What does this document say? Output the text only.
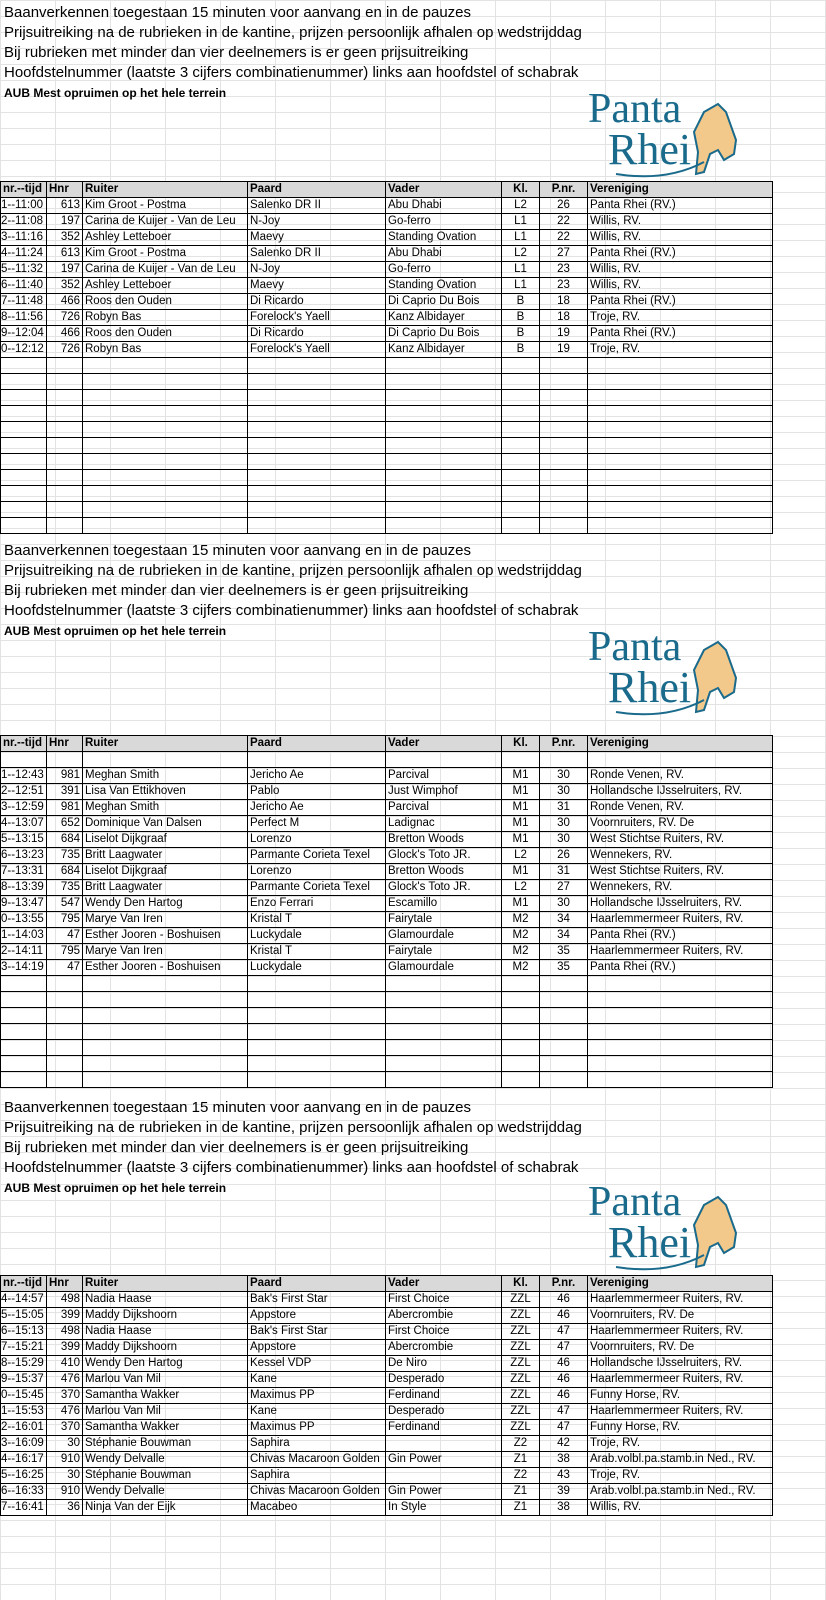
Baanverkennen toegestaan 15 minuten voor aanvang en in de pauzes
Prijsuitreiking na de rubrieken in de kantine, prijzen persoonlijk afhalen op wedstrijddag
Bij rubrieken met minder dan vier deelnemers is er geen prijsuitreiking
Hoofdstelnummer (laatste 3 cijfers combinatienummer) links aan hoofdstel of schabrak
AUB Mest opruimen op het hele terrein	Panta
Rhei
nr.--tijd	Hnr	Ruiter	Paard	Vader	Kl.	P.nr.	Vereniging
1--11:00	613	Kim Groot - Postma	Salenko DR II	Abu Dhabi	L2	26	Panta Rhei (RV.)
2--11:08	197	Carina de Kuijer - Van de Leu	N-Joy	Go-ferro	L1	22	Willis, RV.
3--11:16	352	Ashley Letteboer	Maevy	Standing Ovation	L1	22	Willis, RV.
4--11:24	613	Kim Groot - Postma	Salenko DR II	Abu Dhabi	L2	27	Panta Rhei (RV.)
5--11:32	197	Carina de Kuijer - Van de Leu	N-Joy	Go-ferro	L1	23	Willis, RV.
6--11:40	352	Ashley Letteboer	Maevy	Standing Ovation	L1	23	Willis, RV.
7--11:48	466	Roos den Ouden	Di Ricardo	Di Caprio Du Bois	B	18	Panta Rhei (RV.)
8--11:56	726	Robyn Bas	Forelock's Yaell	Kanz Albidayer	B	18	Troje, RV.
9--12:04	466	Roos den Ouden	Di Ricardo	Di Caprio Du Bois	B	19	Panta Rhei (RV.)
0--12:12	726	Robyn Bas	Forelock's Yaell	Kanz Albidayer	B	19	Troje, RV.

Baanverkennen toegestaan 15 minuten voor aanvang en in de pauzes
Prijsuitreiking na de rubrieken in de kantine, prijzen persoonlijk afhalen op wedstrijddag
Bij rubrieken met minder dan vier deelnemers is er geen prijsuitreiking
Hoofdstelnummer (laatste 3 cijfers combinatienummer) links aan hoofdstel of schabrak
AUB Mest opruimen op het hele terrein	Panta
Rhei
nr.--tijd	Hnr	Ruiter	Paard	Vader	Kl.	P.nr.	Vereniging

1--12:43	981	Meghan Smith	Jericho Ae	Parcival	M1	30	Ronde Venen, RV.
2--12:51	391	Lisa Van Ettikhoven	Pablo	Just Wimphof	M1	30	Hollandsche IJsselruiters, RV.
3--12:59	981	Meghan Smith	Jericho Ae	Parcival	M1	31	Ronde Venen, RV.
4--13:07	652	Dominique Van Dalsen	Perfect M	Ladignac	M1	30	Voornruiters, RV. De
5--13:15	684	Liselot Dijkgraaf	Lorenzo	Bretton Woods	M1	30	West Stichtse Ruiters, RV.
6--13:23	735	Britt Laagwater	Parmante Corieta Texel	Glock's Toto JR.	L2	26	Wennekers, RV.
7--13:31	684	Liselot Dijkgraaf	Lorenzo	Bretton Woods	M1	31	West Stichtse Ruiters, RV.
8--13:39	735	Britt Laagwater	Parmante Corieta Texel	Glock's Toto JR.	L2	27	Wennekers, RV.
9--13:47	547	Wendy Den Hartog	Enzo Ferrari	Escamillo	M1	30	Hollandsche IJsselruiters, RV.
0--13:55	795	Marye Van Iren	Kristal T	Fairytale	M2	34	Haarlemmermeer Ruiters, RV.
1--14:03	47	Esther Jooren - Boshuisen	Luckydale	Glamourdale	M2	34	Panta Rhei (RV.)
2--14:11	795	Marye Van Iren	Kristal T	Fairytale	M2	35	Haarlemmermeer Ruiters, RV.
3--14:19	47	Esther Jooren - Boshuisen	Luckydale	Glamourdale	M2	35	Panta Rhei (RV.)

Baanverkennen toegestaan 15 minuten voor aanvang en in de pauzes
Prijsuitreiking na de rubrieken in de kantine, prijzen persoonlijk afhalen op wedstrijddag
Bij rubrieken met minder dan vier deelnemers is er geen prijsuitreiking
Hoofdstelnummer (laatste 3 cijfers combinatienummer) links aan hoofdstel of schabrak
AUB Mest opruimen op het hele terrein	Panta
Rhei
nr.--tijd	Hnr	Ruiter	Paard	Vader	Kl.	P.nr.	Vereniging
4--14:57	498	Nadia Haase	Bak's First Star	First Choice	ZZL	46	Haarlemmermeer Ruiters, RV.
5--15:05	399	Maddy Dijkshoorn	Appstore	Abercrombie	ZZL	46	Voornruiters, RV. De
6--15:13	498	Nadia Haase	Bak's First Star	First Choice	ZZL	47	Haarlemmermeer Ruiters, RV.
7--15:21	399	Maddy Dijkshoorn	Appstore	Abercrombie	ZZL	47	Voornruiters, RV. De
8--15:29	410	Wendy Den Hartog	Kessel VDP	De Niro	ZZL	46	Hollandsche IJsselruiters, RV.
9--15:37	476	Marlou Van Mil	Kane	Desperado	ZZL	46	Haarlemmermeer Ruiters, RV.
0--15:45	370	Samantha Wakker	Maximus PP	Ferdinand	ZZL	46	Funny Horse, RV.
1--15:53	476	Marlou Van Mil	Kane	Desperado	ZZL	47	Haarlemmermeer Ruiters, RV.
2--16:01	370	Samantha Wakker	Maximus PP	Ferdinand	ZZL	47	Funny Horse, RV.
3--16:09	30	Stéphanie Bouwman	Saphira		Z2	42	Troje, RV.
4--16:17	910	Wendy Delvalle	Chivas Macaroon Golden	Gin Power	Z1	38	Arab.volbl.pa.stamb.in Ned., RV.
5--16:25	30	Stéphanie Bouwman	Saphira		Z2	43	Troje, RV.
6--16:33	910	Wendy Delvalle	Chivas Macaroon Golden	Gin Power	Z1	39	Arab.volbl.pa.stamb.in Ned., RV.
7--16:41	36	Ninja Van der Eijk	Macabeo	In Style	Z1	38	Willis, RV.
